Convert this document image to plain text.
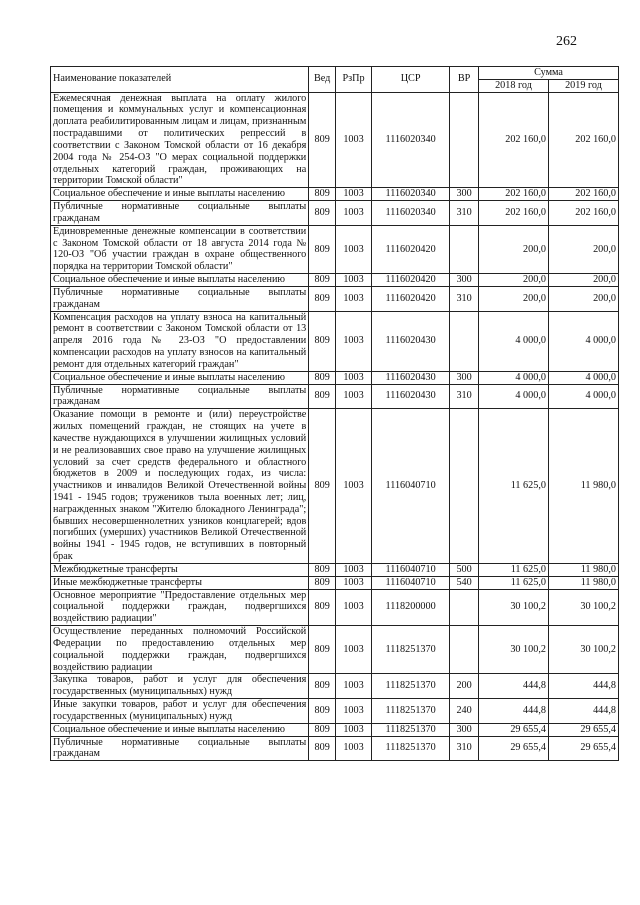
262
Наименование показателей	Вед	РзПр	ЦСР	ВР	Сумма	
					2018 год	2019 год
Ежемесячная денежная выплата на оплату жилого помещения и коммунальных услуг и компенсационная доплата реабилитированным лицам и лицам, признанным пострадавшими от политических репрессий в соответствии с Законом Томской области от 16 декабря 2004 года № 254-ОЗ "О мерах социальной поддержки отдельных категорий граждан, проживающих на территории Томской области"	809	1003	1116020340		202 160,0	202 160,0
Социальное обеспечение и иные выплаты населению	809	1003	1116020340	300	202 160,0	202 160,0
Публичные нормативные социальные выплаты гражданам	809	1003	1116020340	310	202 160,0	202 160,0
Единовременные денежные компенсации в соответствии с Законом Томской области от 18 августа 2014 года № 120-ОЗ "Об участии граждан в охране общественного порядка на территории Томской области"	809	1003	1116020420		200,0	200,0
Социальное обеспечение и иные выплаты населению	809	1003	1116020420	300	200,0	200,0
Публичные нормативные социальные выплаты гражданам	809	1003	1116020420	310	200,0	200,0
Компенсация расходов на уплату взноса на капитальный ремонт в соответствии с Законом Томской области от 13 апреля 2016 года № 23-ОЗ "О предоставлении компенсации расходов на уплату взносов на капитальный ремонт для отдельных категорий граждан"	809	1003	1116020430		4 000,0	4 000,0
Социальное обеспечение и иные выплаты населению	809	1003	1116020430	300	4 000,0	4 000,0
Публичные нормативные социальные выплаты гражданам	809	1003	1116020430	310	4 000,0	4 000,0
Оказание помощи в ремонте и (или) переустройстве жилых помещений граждан, не стоящих на учете в качестве нуждающихся в улучшении жилищных условий и не реализовавших свое право на улучшение жилищных условий за счет средств федерального и областного бюджетов в 2009 и последующих годах, из числа: участников и инвалидов Великой Отечественной войны 1941 - 1945 годов; тружеников тыла военных лет; лиц, награжденных знаком "Жителю блокадного Ленинграда"; бывших несовершеннолетних узников концлагерей; вдов погибших (умерших) участников Великой Отечественной войны 1941 - 1945 годов, не вступивших в повторный брак	809	1003	1116040710		11 625,0	11 980,0
Межбюджетные трансферты	809	1003	1116040710	500	11 625,0	11 980,0
Иные межбюджетные трансферты	809	1003	1116040710	540	11 625,0	11 980,0
Основное мероприятие "Предоставление отдельных мер социальной поддержки граждан, подвергшихся воздействию радиации"	809	1003	1118200000		30 100,2	30 100,2
Осуществление переданных полномочий Российской Федерации по предоставлению отдельных мер социальной поддержки граждан, подвергшихся воздействию радиации	809	1003	1118251370		30 100,2	30 100,2
Закупка товаров, работ и услуг для обеспечения государственных (муниципальных) нужд	809	1003	1118251370	200	444,8	444,8
Иные закупки товаров, работ и услуг для обеспечения государственных (муниципальных) нужд	809	1003	1118251370	240	444,8	444,8
Социальное обеспечение и иные выплаты населению	809	1003	1118251370	300	29 655,4	29 655,4
Публичные нормативные социальные выплаты гражданам	809	1003	1118251370	310	29 655,4	29 655,4
